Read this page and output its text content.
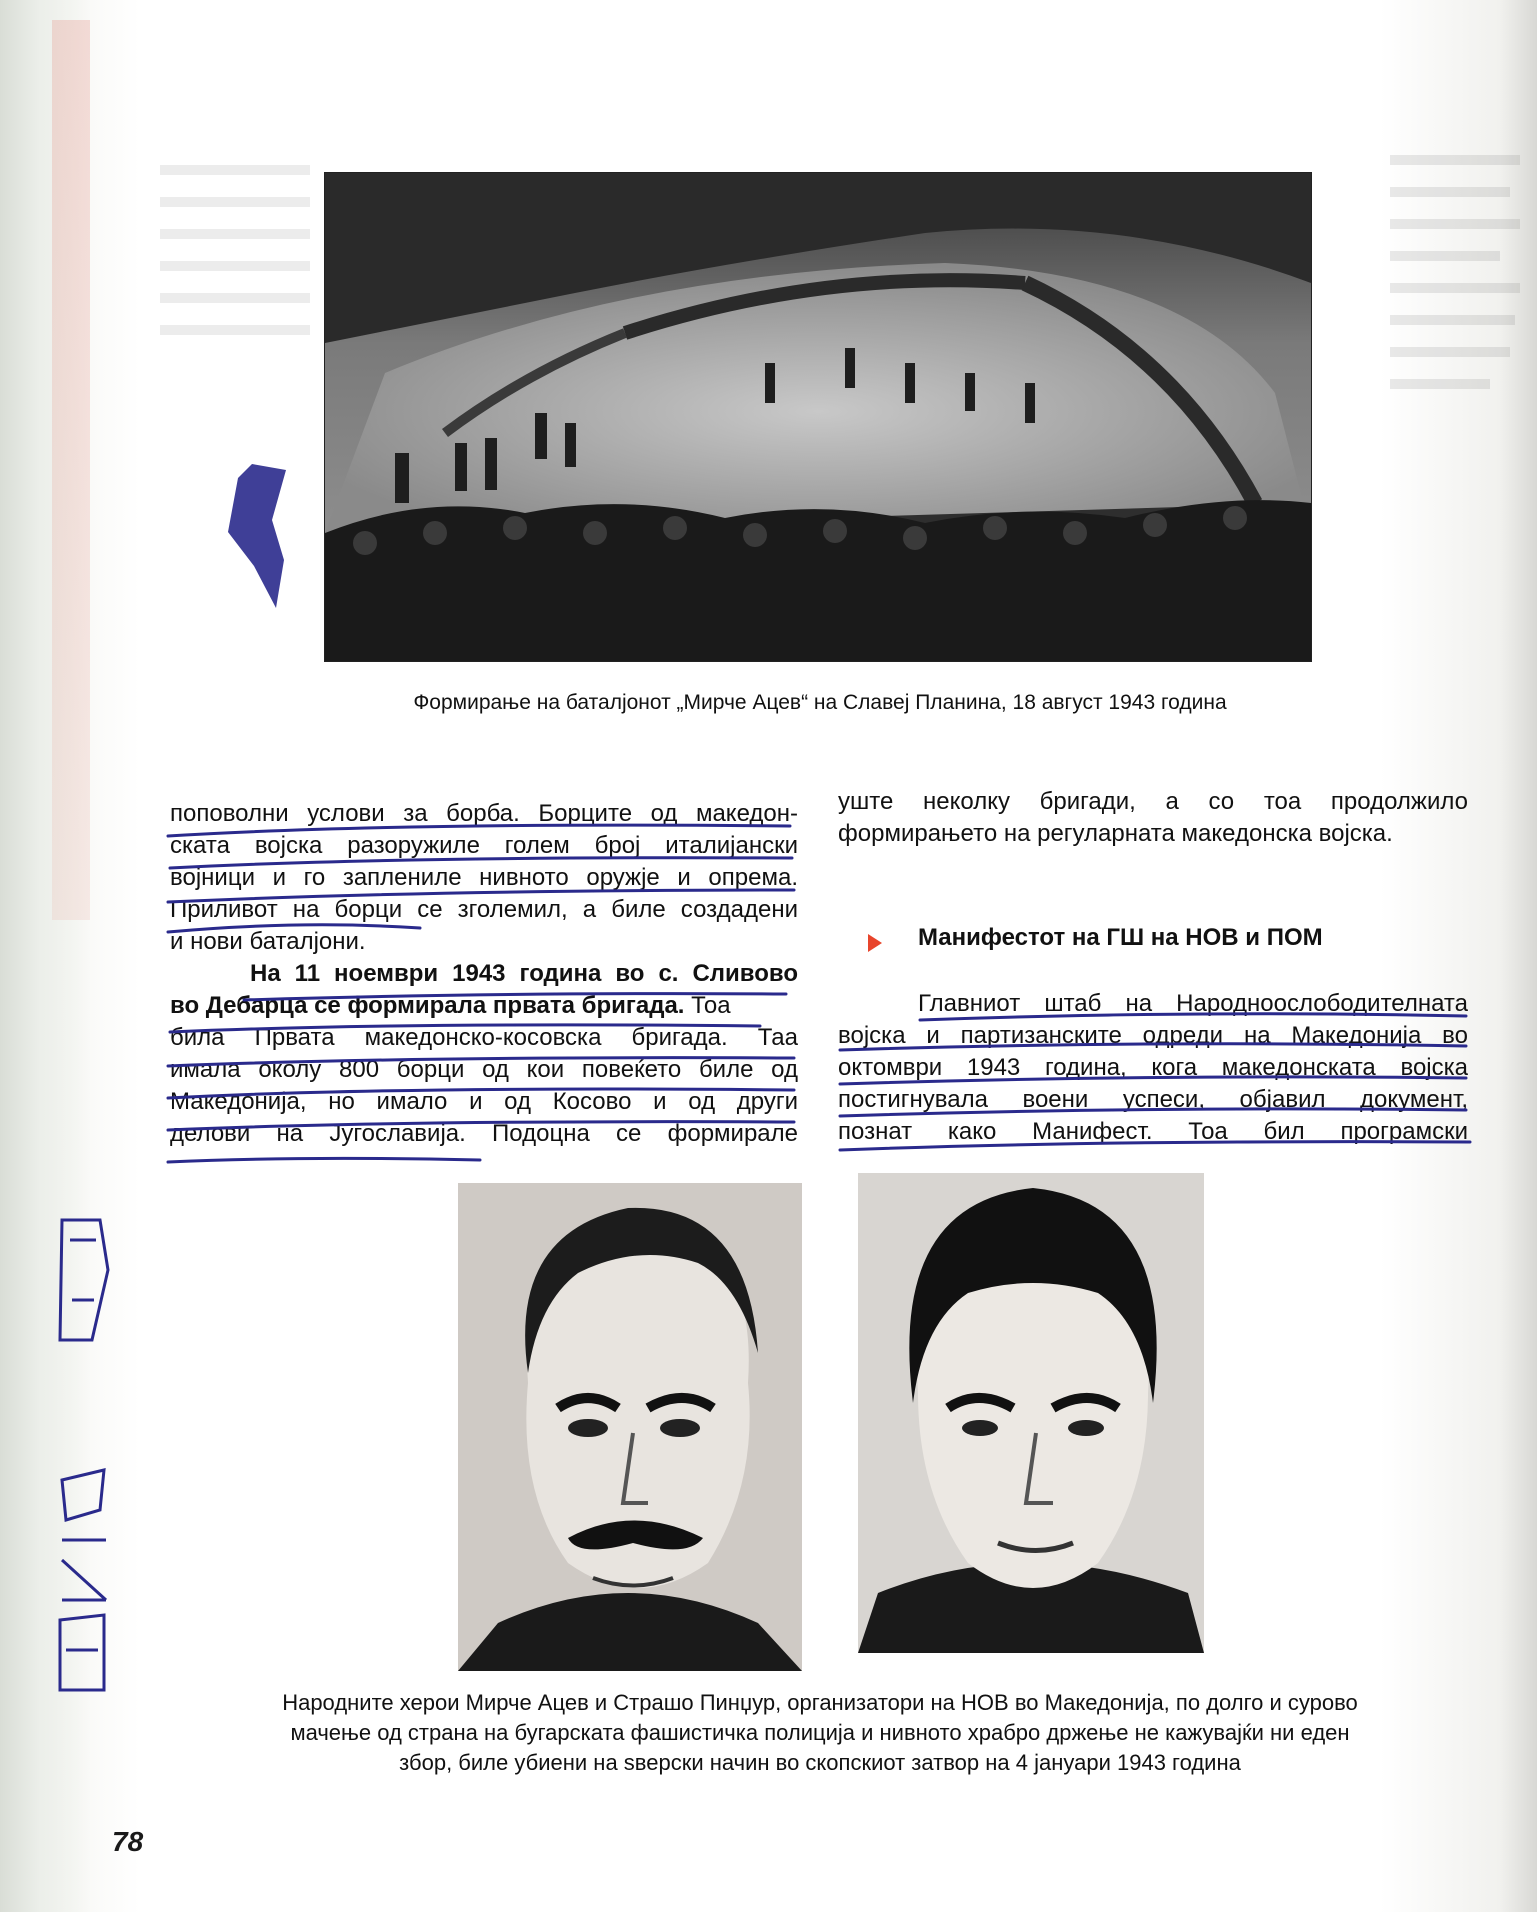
Формирање на баталјонот „Мирче Ацев“ на Славеј Планина, 18 август 1943 година
поповолни услови за борба. Борците од македон-
ската војска разоружиле голем број италијански
војници и го заплениле нивното оружје и опрема.
Приливот на борци се зголемил, а биле создадени
и нови баталјони.
На 11 ноември 1943 година во с. Сливово
во Дебарца се формирала првата бригада. Тоа
била Првата македонско-косовска бригада. Таа
имала околу 800 борци од кои повеќето биле од
Македонија, но имало и од Косово и од други
делови на Југославија. Подоцна се формирале
уште неколку бригади, а со тоа продолжило
формирањето на регуларната македонска војска.
Манифестот на ГШ на НОВ и ПОМ
Главниот штаб на Народноослободителната
војска и партизанските одреди на Македонија во
октомври 1943 година, кога македонската војска
постигнувала воени успеси, објавил документ,
познат како Манифест. Тоа бил програмски
Народните херои Мирче Ацев и Страшо Пинџур, организатори на НОВ во Македонија, по долго и сурово
мачење од страна на бугарската фашистичка полиција и нивното храбро држење не кажувајќи ни еден
збор, биле убиени на ѕверски начин во скопскиот затвор на 4 јануари 1943 година
78
